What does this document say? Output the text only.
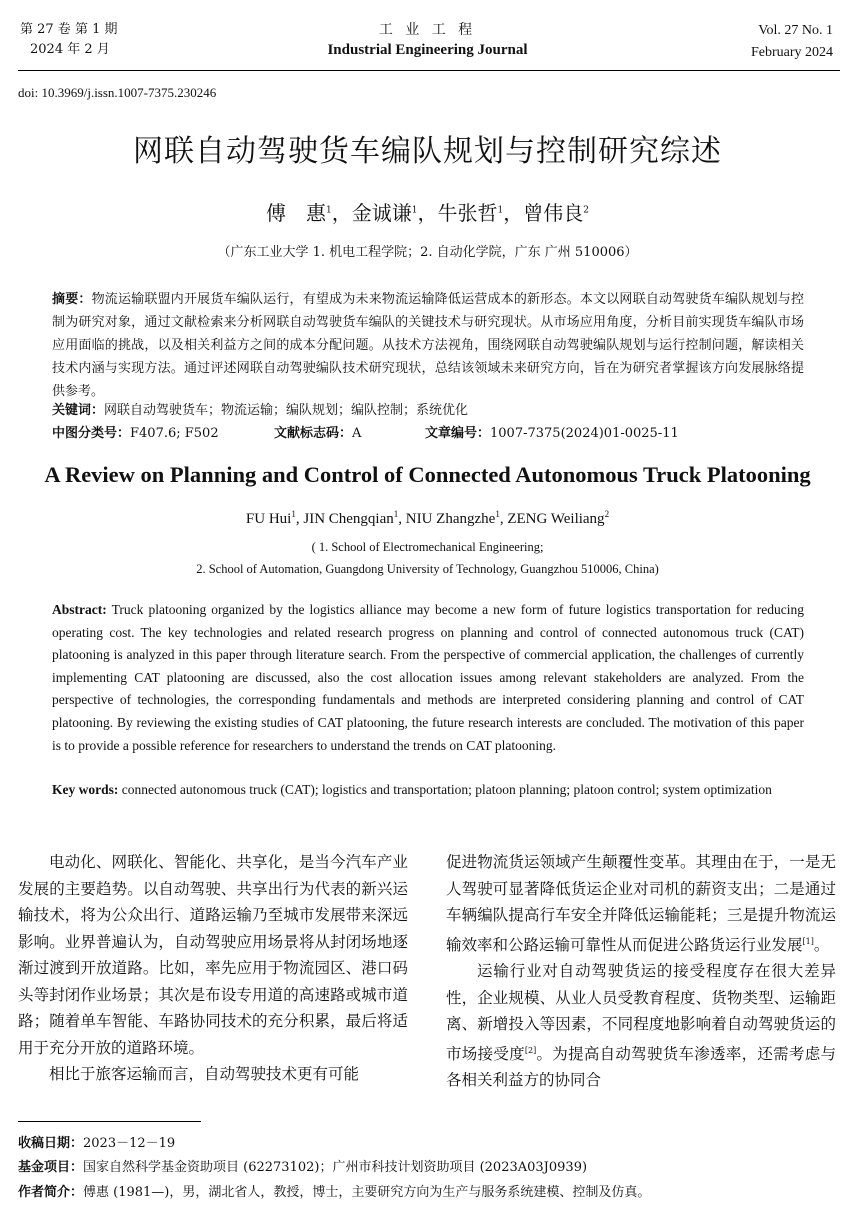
第 27 卷 第 1 期
2024 年 2 月
工 业 工 程
Industrial Engineering Journal
Vol. 27 No. 1
February 2024
doi: 10.3969/j.issn.1007-7375.230246
网联自动驾驶货车编队规划与控制研究综述
傅　惠$^1$，金诚谦$^1$，牛张哲$^1$，曾伟良$^2$
（广东工业大学 1. 机电工程学院；2. 自动化学院，广东 广州 510006）
摘要：物流运输联盟内开展货车编队运行，有望成为未来物流运输降低运营成本的新形态。本文以网联自动驾驶货车编队规划与控制为研究对象，通过文献检索来分析网联自动驾驶货车编队的关键技术与研究现状。从市场应用角度，分析目前实现货车编队市场应用面临的挑战，以及相关利益方之间的成本分配问题。从技术方法视角，围绕网联自动驾驶编队规划与运行控制问题，解读相关技术内涵与实现方法。通过评述网联自动驾驶编队技术研究现状，总结该领域未来研究方向，旨在为研究者掌握该方向发展脉络提供参考。
关键词：网联自动驾驶货车；物流运输；编队规划；编队控制；系统优化
中图分类号：F407.6; F502	文献标志码：A	文章编号：1007-7375(2024)01-0025-11
A Review on Planning and Control of Connected Autonomous Truck Platooning
FU Hui$^1$, JIN Chengqian$^1$, NIU Zhangzhe$^1$, ZENG Weiliang$^2$
( 1. School of Electromechanical Engineering;
2. School of Automation, Guangdong University of Technology, Guangzhou 510006, China)
Abstract: Truck platooning organized by the logistics alliance may become a new form of future logistics transportation for reducing operating cost. The key technologies and related research progress on planning and control of connected autonomous truck (CAT) platooning is analyzed in this paper through literature search. From the perspective of commercial application, the challenges of currently implementing CAT platooning are discussed, also the cost allocation issues among relevant stakeholders are analyzed. From the perspective of technologies, the corresponding fundamentals and methods are interpreted considering planning and control of CAT platooning. By reviewing the existing studies of CAT platooning, the future research interests are concluded. The motivation of this paper is to provide a possible reference for researchers to understand the trends on CAT platooning.
Key words: connected autonomous truck (CAT); logistics and transportation; platoon planning; platoon control; system optimization

电动化、网联化、智能化、共享化，是当今汽车产业发展的主要趋势。以自动驾驶、共享出行为代表的新兴运输技术，将为公众出行、道路运输乃至城市发展带来深远影响。业界普遍认为，自动驾驶应用场景将从封闭场地逐渐过渡到开放道路。比如，率先应用于物流园区、港口码头等封闭作业场景；其次是布设专用道的高速路或城市道路；随着单车智能、车路协同技术的充分积累，最后将适用于充分开放的道路环境。

相比于旅客运输而言，自动驾驶技术更有可能

促进物流货运领域产生颠覆性变革。其理由在于，一是无人驾驶可显著降低货运企业对司机的薪资支出；二是通过车辆编队提高行车安全并降低运输能耗；三是提升物流运输效率和公路运输可靠性从而促进公路货运行业发展[1]。

运输行业对自动驾驶货运的接受程度存在很大差异性，企业规模、从业人员受教育程度、货物类型、运输距离、新增投入等因素，不同程度地影响着自动驾驶货运的市场接受度[2]。为提高自动驾驶货车渗透率，还需考虑与各相关利益方的协同合

收稿日期：2023－12－19
基金项目：国家自然科学基金资助项目 (62273102)；广州市科技计划资助项目 (2023A03J0939)
作者简介：傅惠 (1981—)，男，湖北省人，教授，博士，主要研究方向为生产与服务系统建模、控制及仿真。
